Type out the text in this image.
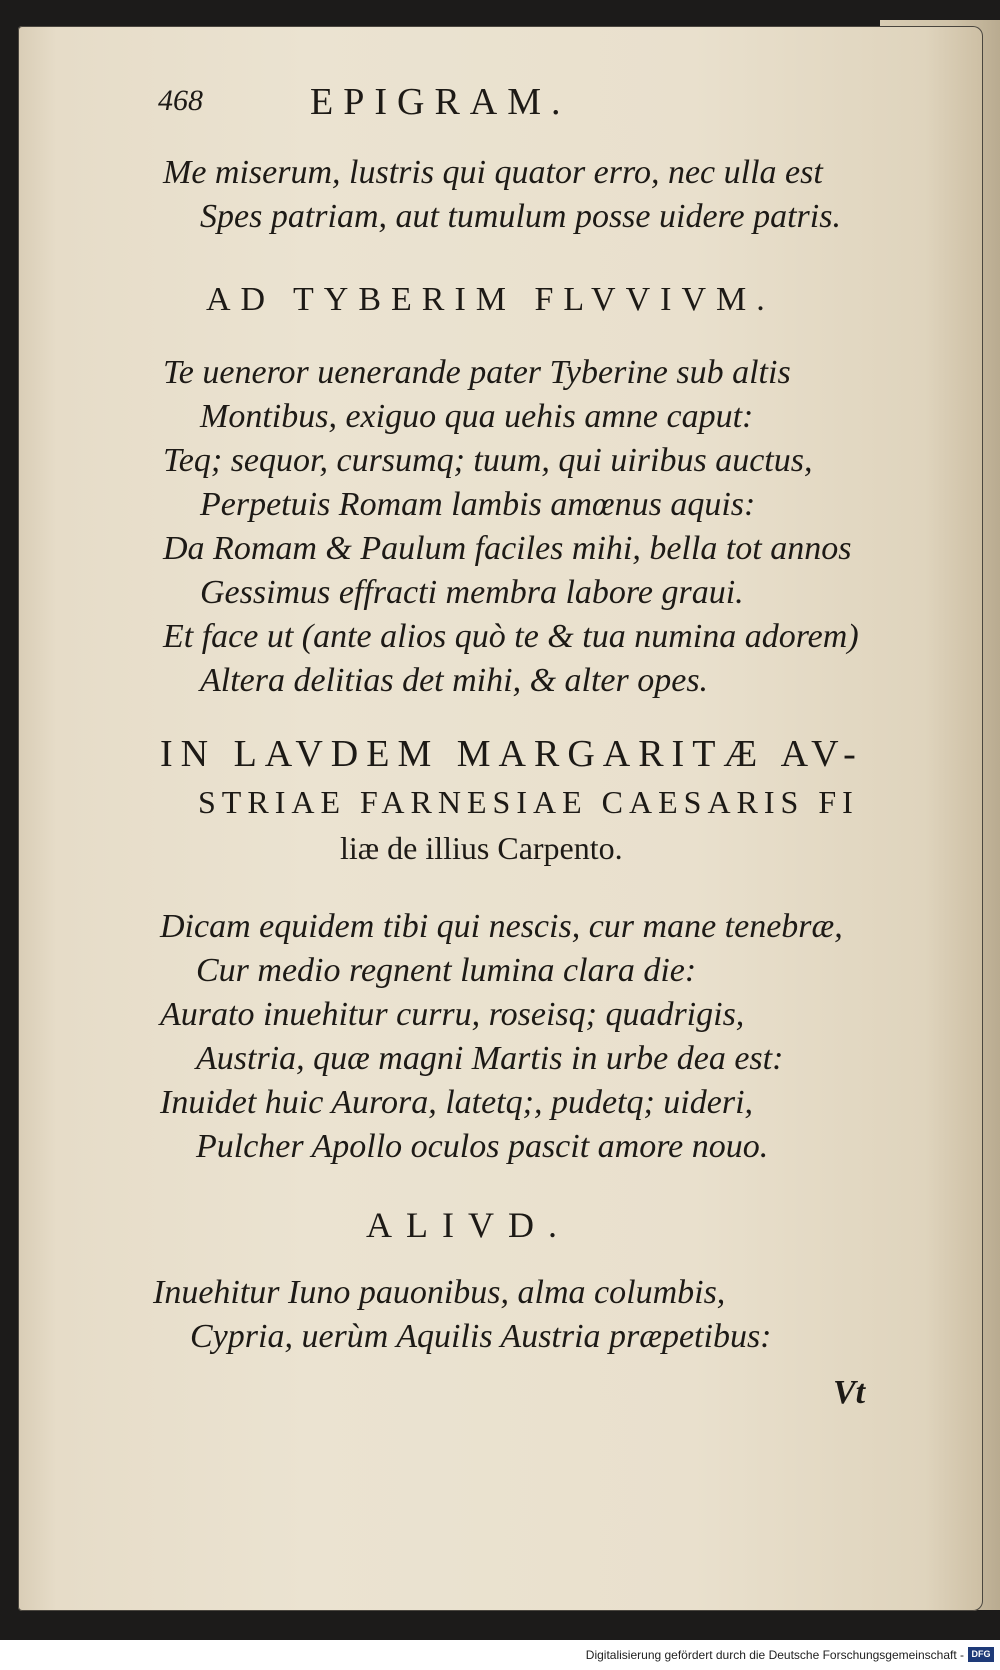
468	EPIGRAM.
Me miserum, lustris qui quator erro, nec ulla est
Spes patriam, aut tumulum posse uidere patris.
AD TYBERIM FLVVIVM.
Te ueneror uenerande pater Tyberine sub altis
Montibus, exiguo qua uehis amne caput:
Teq; sequor, cursumq; tuum, qui uiribus auctus,
Perpetuis Romam lambis amœnus aquis:
Da Romam & Paulum faciles mihi, bella tot annos
Gessimus effracti membra labore graui.
Et face ut (ante alios quò te & tua numina adorem)
Altera delitias det mihi, & alter opes.
IN LAVDEM MARGARITÆ AV-
STRIAE FARNESIAE CAESARIS FI
liæ de illius Carpento.
Dicam equidem tibi qui nescis, cur mane tenebræ,
Cur medio regnent lumina clara die:
Aurato inuehitur curru, roseisq; quadrigis,
Austria, quæ magni Martis in urbe dea est:
Inuidet huic Aurora, latetq;, pudetq; uideri,
Pulcher Apollo oculos pascit amore nouo.
ALIVD.
Inuehitur Iuno pauonibus, alma columbis,
Cypria, uerùm Aquilis Austria præpetibus:
Vt
Digitalisierung gefördert durch die Deutsche Forschungsgemeinschaft - DFG
